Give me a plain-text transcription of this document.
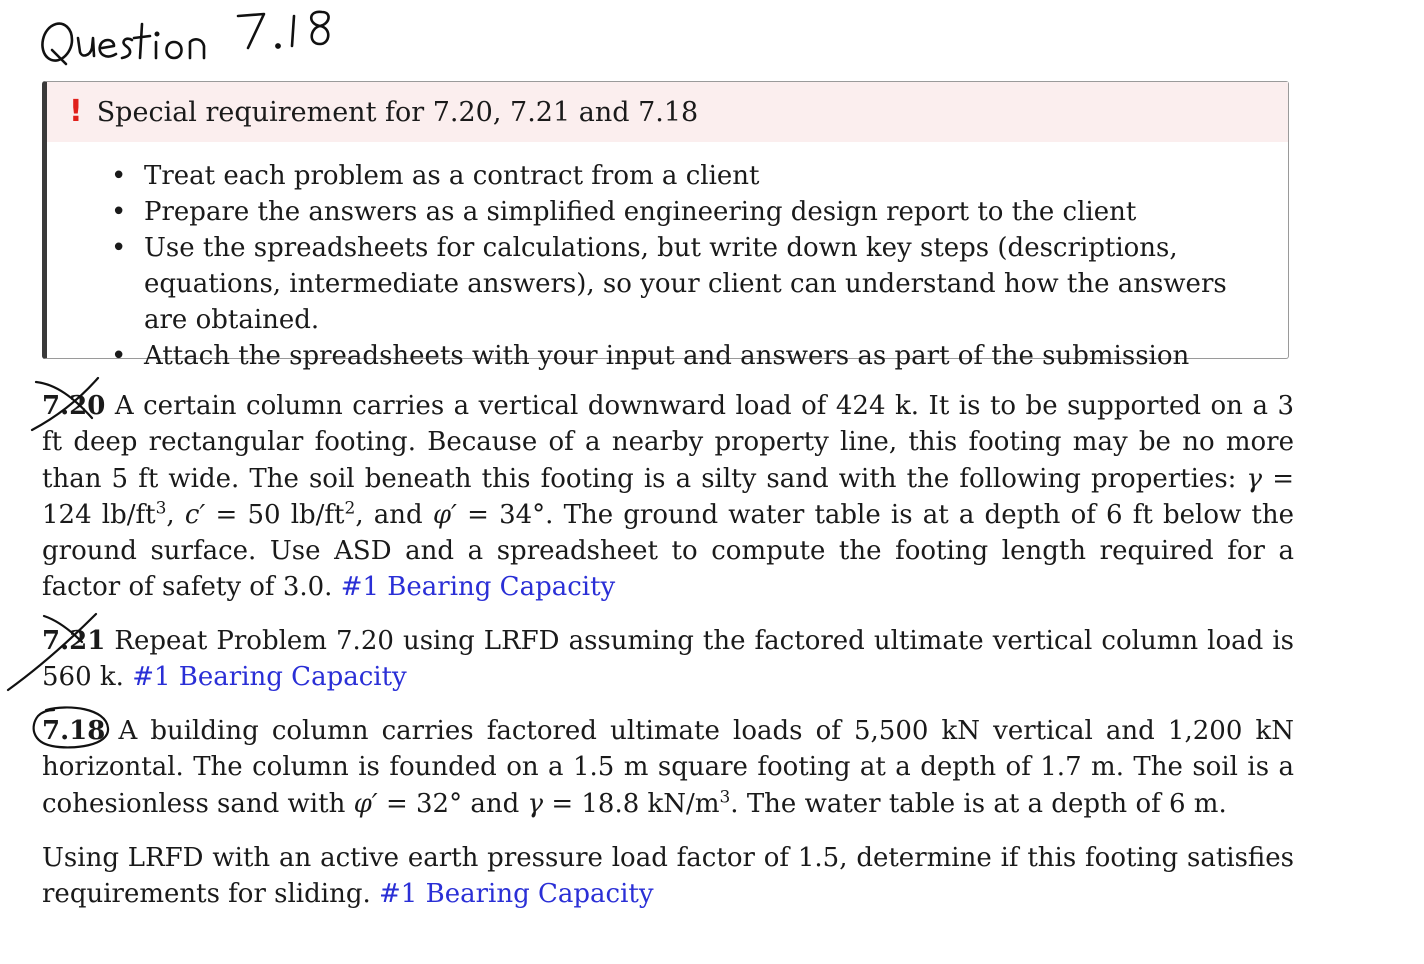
! Special requirement for 7.20, 7.21 and 7.18
• Treat each problem as a contract from a client
• Prepare the answers as a simplified engineering design report to the client
• Use the spreadsheets for calculations, but write down key steps (descriptions, equations, intermediate answers), so your client can understand how the answers are obtained.
• Attach the spreadsheets with your input and answers as part of the submission
7.20 A certain column carries a vertical downward load of 424 k. It is to be supported on a 3 ft deep rectangular footing. Because of a nearby property line, this footing may be no more than 5 ft wide. The soil beneath this footing is a silty sand with the following properties: γ = 124 $lb/ft^3$, c′ = 50 $lb/ft^2$, and φ′ = 34°. The ground water table is at a depth of 6 ft below the ground surface. Use ASD and a spreadsheet to compute the footing length required for a factor of safety of 3.0. #1 Bearing Capacity
7.21 Repeat Problem 7.20 using LRFD assuming the factored ultimate vertical column load is 560 k. #1 Bearing Capacity
7.18 A building column carries factored ultimate loads of 5,500 kN vertical and 1,200 kN horizontal. The column is founded on a 1.5 m square footing at a depth of 1.7 m. The soil is a cohesionless sand with φ′ = 32° and γ = 18.8 $kN/m^3$. The water table is at a depth of 6 m.
Using LRFD with an active earth pressure load factor of 1.5, determine if this footing satisfies requirements for sliding. #1 Bearing Capacity
